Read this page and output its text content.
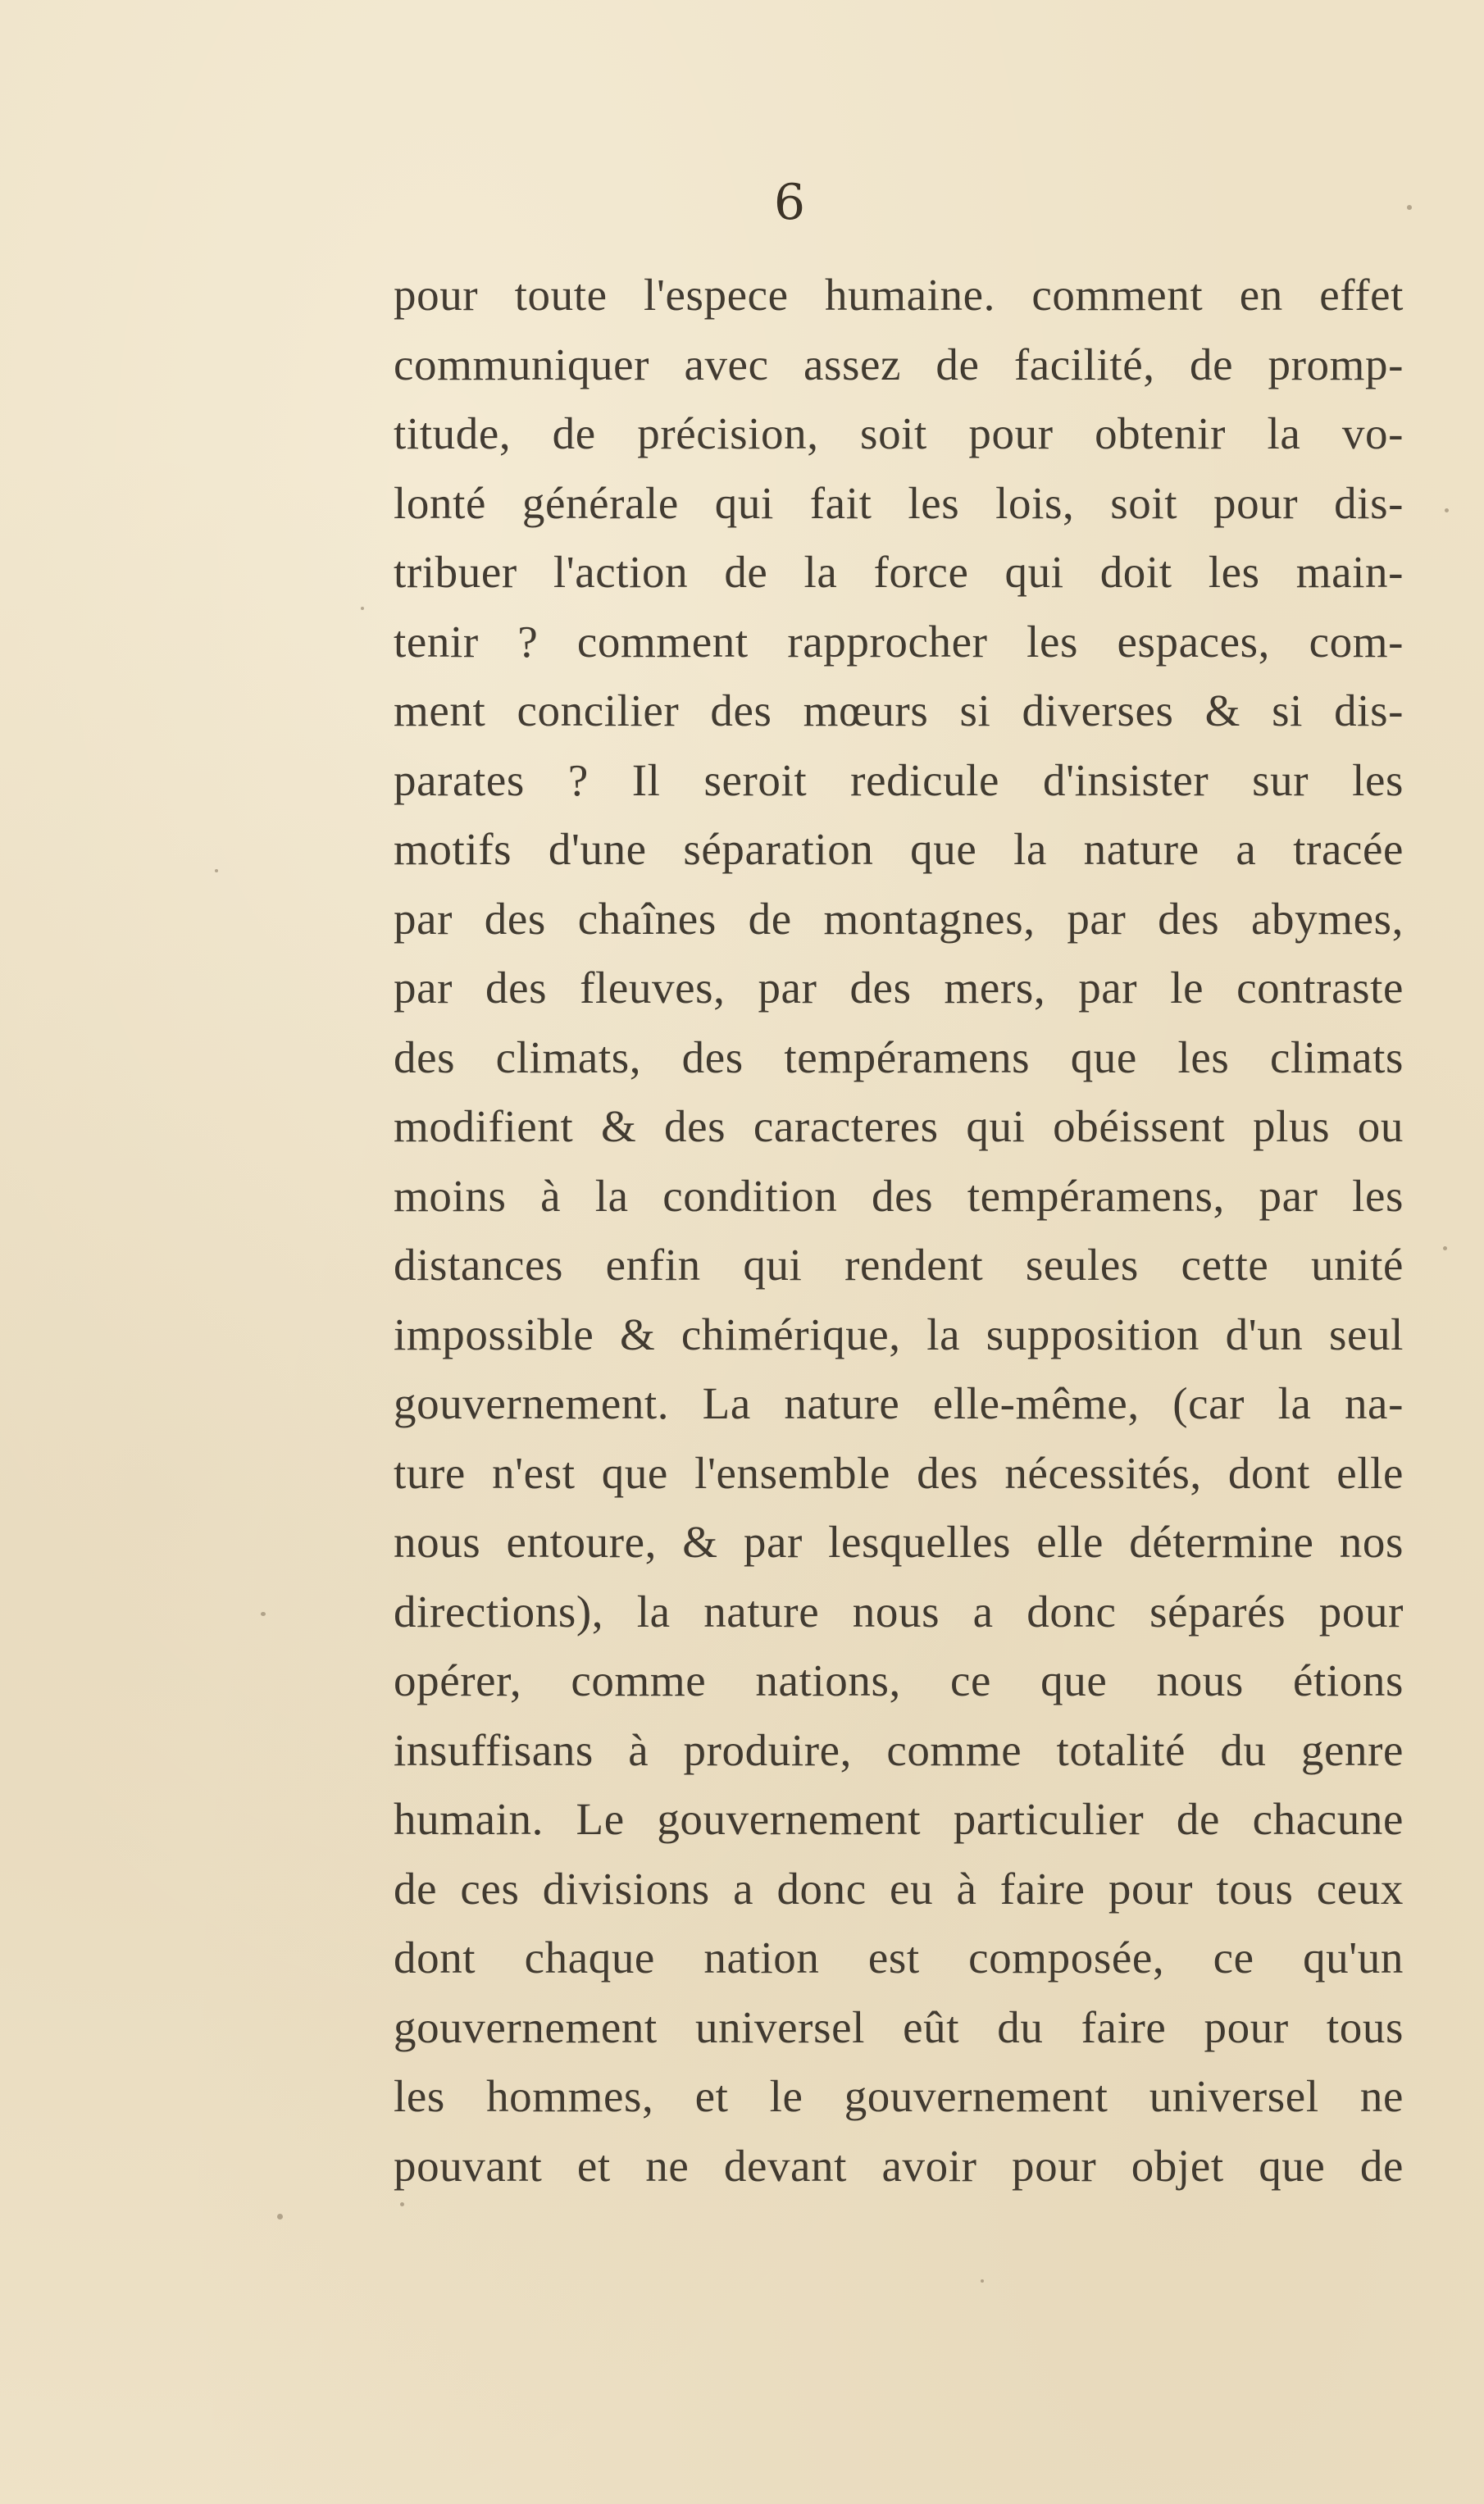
6
pour toute l'espece humaine. comment en effet
communiquer avec assez de facilité, de promp-
titude, de précision, soit pour obtenir la vo-
lonté générale qui fait les lois, soit pour dis-
tribuer l'action de la force qui doit les main-
tenir ? comment rapprocher les espaces, com-
ment concilier des mœurs si diverses & si dis-
parates ? Il seroit redicule d'insister sur les
motifs d'une séparation que la nature a tracée
par des chaînes de montagnes, par des abymes,
par des fleuves, par des mers, par le contraste
des climats, des tempéramens que les climats
modifient & des caracteres qui obéissent plus ou
moins à la condition des tempéramens, par les
distances enfin qui rendent seules cette unité
impossible & chimérique, la supposition d'un seul
gouvernement. La nature elle-même, (car la na-
ture n'est que l'ensemble des nécessités, dont elle
nous entoure, & par lesquelles elle détermine nos
directions), la nature nous a donc séparés pour
opérer, comme nations, ce que nous étions
insuffisans à produire, comme totalité du genre
humain. Le gouvernement particulier de chacune
de ces divisions a donc eu à faire pour tous ceux
dont chaque nation est composée, ce qu'un
gouvernement universel eût du faire pour tous
les hommes, et le gouvernement universel ne
pouvant et ne devant avoir pour objet que de
